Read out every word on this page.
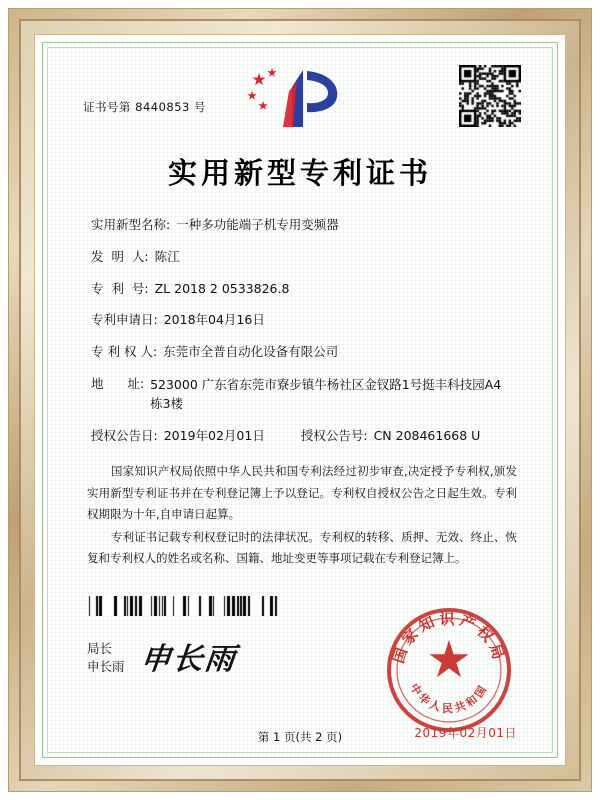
证书号第 8440853 号
实用新型专利证书
实用新型名称: 一种多功能端子机专用变频器
发  明  人: 陈江
专  利  号: ZL 2018 2 0533826.8
专利申请日: 2018年04月16日
专 利 权 人: 东莞市全普自动化设备有限公司
地      址: 523000 广东省东莞市寮步镇牛杨社区金钗路1号挺丰科技园A4栋3楼
授权公告日: 2019年02月01日	授权公告号: CN 208461668 U

国家知识产权局依照中华人民共和国专利法经过初步审查,决定授予专利权,颁发实用新型专利证书并在专利登记簿上予以登记。专利权自授权公告之日起生效。专利权期限为十年,自申请日起算。

专利证书记载专利权登记时的法律状况。专利权的转移、质押、无效、终止、恢复和专利权人的姓名或名称、国籍、地址变更等事项记载在专利登记簿上。

局长
申长雨 申长雨	国家知识产权局
中华人民共和国
2019年02月01日
第 1 页(共 2 页)
